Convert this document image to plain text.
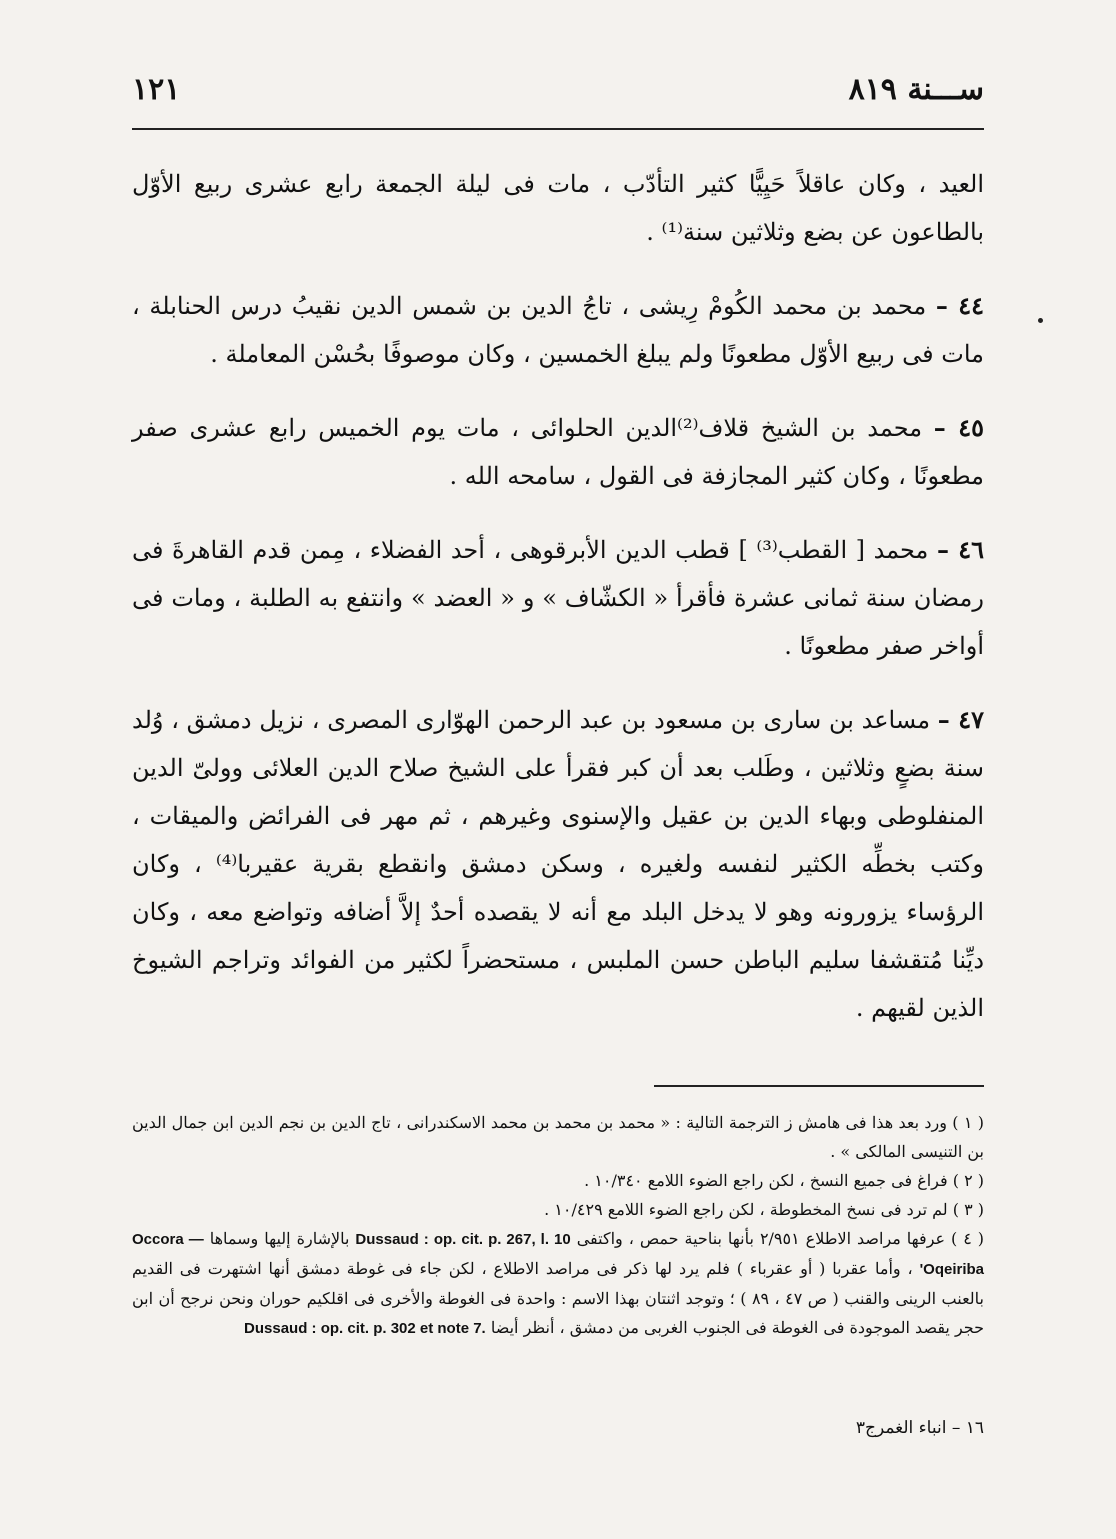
ســـنة ٨١٩
١٢١

العيد ، وكان عاقلاً حَيِيًّا كثير التأدّب ، مات فى ليلة الجمعة رابع عشرى ربيع الأوّل بالطاعون عن بضع وثلاثين سنة⁽¹⁾ .

٤٤ – محمد بن محمد الكُومْ رِيشى ، تاجُ الدين بن شمس الدين نقيبُ درس الحنابلة ، مات فى ربيع الأوّل مطعونًا ولم يبلغ الخمسين ، وكان موصوفًا بحُسْن المعاملة .

٤٥ – محمد بن الشيخ قلاف⁽²⁾الدين الحلوائى ، مات يوم الخميس رابع عشرى صفر مطعونًا ، وكان كثير المجازفة فى القول ، سامحه الله .

٤٦ – محمد [ القطب⁽³⁾ ] قطب الدين الأبرقوهى ، أحد الفضلاء ، مِمن قدم القاهرةَ فى رمضان سنة ثمانى عشرة فأقرأ « الكشّاف » و « العضد » وانتفع به الطلبة ، ومات فى أواخر صفر مطعونًا .

٤٧ – مساعد بن سارى بن مسعود بن عبد الرحمن الهوّارى المصرى ، نزيل دمشق ، وُلد سنة بضعٍ وثلاثين ، وطَلب بعد أن كبر فقرأ على الشيخ صلاح الدين العلائى وولىّ الدين المنفلوطى وبهاء الدين بن عقيل والإسنوى وغيرهم ، ثم مهر فى الفرائض والميقات ، وكتب بخطِّه الكثير لنفسه ولغيره ، وسكن دمشق وانقطع بقرية عقيربا⁽⁴⁾ ، وكان الرؤساء يزورونه وهو لا يدخل البلد مع أنه لا يقصده أحدٌ إلاَّ أضافه وتواضع معه ، وكان ديِّنا مُتقشفا سليم الباطن حسن الملبس ، مستحضراً لكثير من الفوائد وتراجم الشيوخ الذين لقيهم .

( ١ ) ورد بعد هذا فى هامش ز الترجمة التالية : « محمد بن محمد بن محمد الاسكندرانى ، تاج الدين بن نجم الدين ابن جمال الدين بن التنيسى المالكى » .

( ٢ ) فراغ فى جميع النسخ ، لكن راجع الضوء اللامع ١٠/٣٤٠ .

( ٣ ) لم ترد فى نسخ المخطوطة ، لكن راجع الضوء اللامع ١٠/٤٢٩ .

( ٤ ) عرفها مراصد الاطلاع ٢/٩٥١ بأنها بناحية حمص ، واكتفى Dussaud : op. cit. p. 267, l. 10 بالإشارة إليها وسماها Occora — 'Oqeiriba ، وأما عقربا ( أو عقرباء ) فلم يرد لها ذكر فى مراصد الاطلاع ، لكن جاء فى غوطة دمشق أنها اشتهرت فى القديم بالعنب الرينى والقنب ( ص ٤٧ ، ٨٩ ) ؛ وتوجد اثنتان بهذا الاسم : واحدة فى الغوطة والأخرى فى اقلكيم حوران ونحن نرجح أن ابن حجر يقصد الموجودة فى الغوطة فى الجنوب الغربى من دمشق ، أنظر أيضا Dussaud : op. cit. p. 302 et note 7.

١٦ – انباء الغمرج٣
